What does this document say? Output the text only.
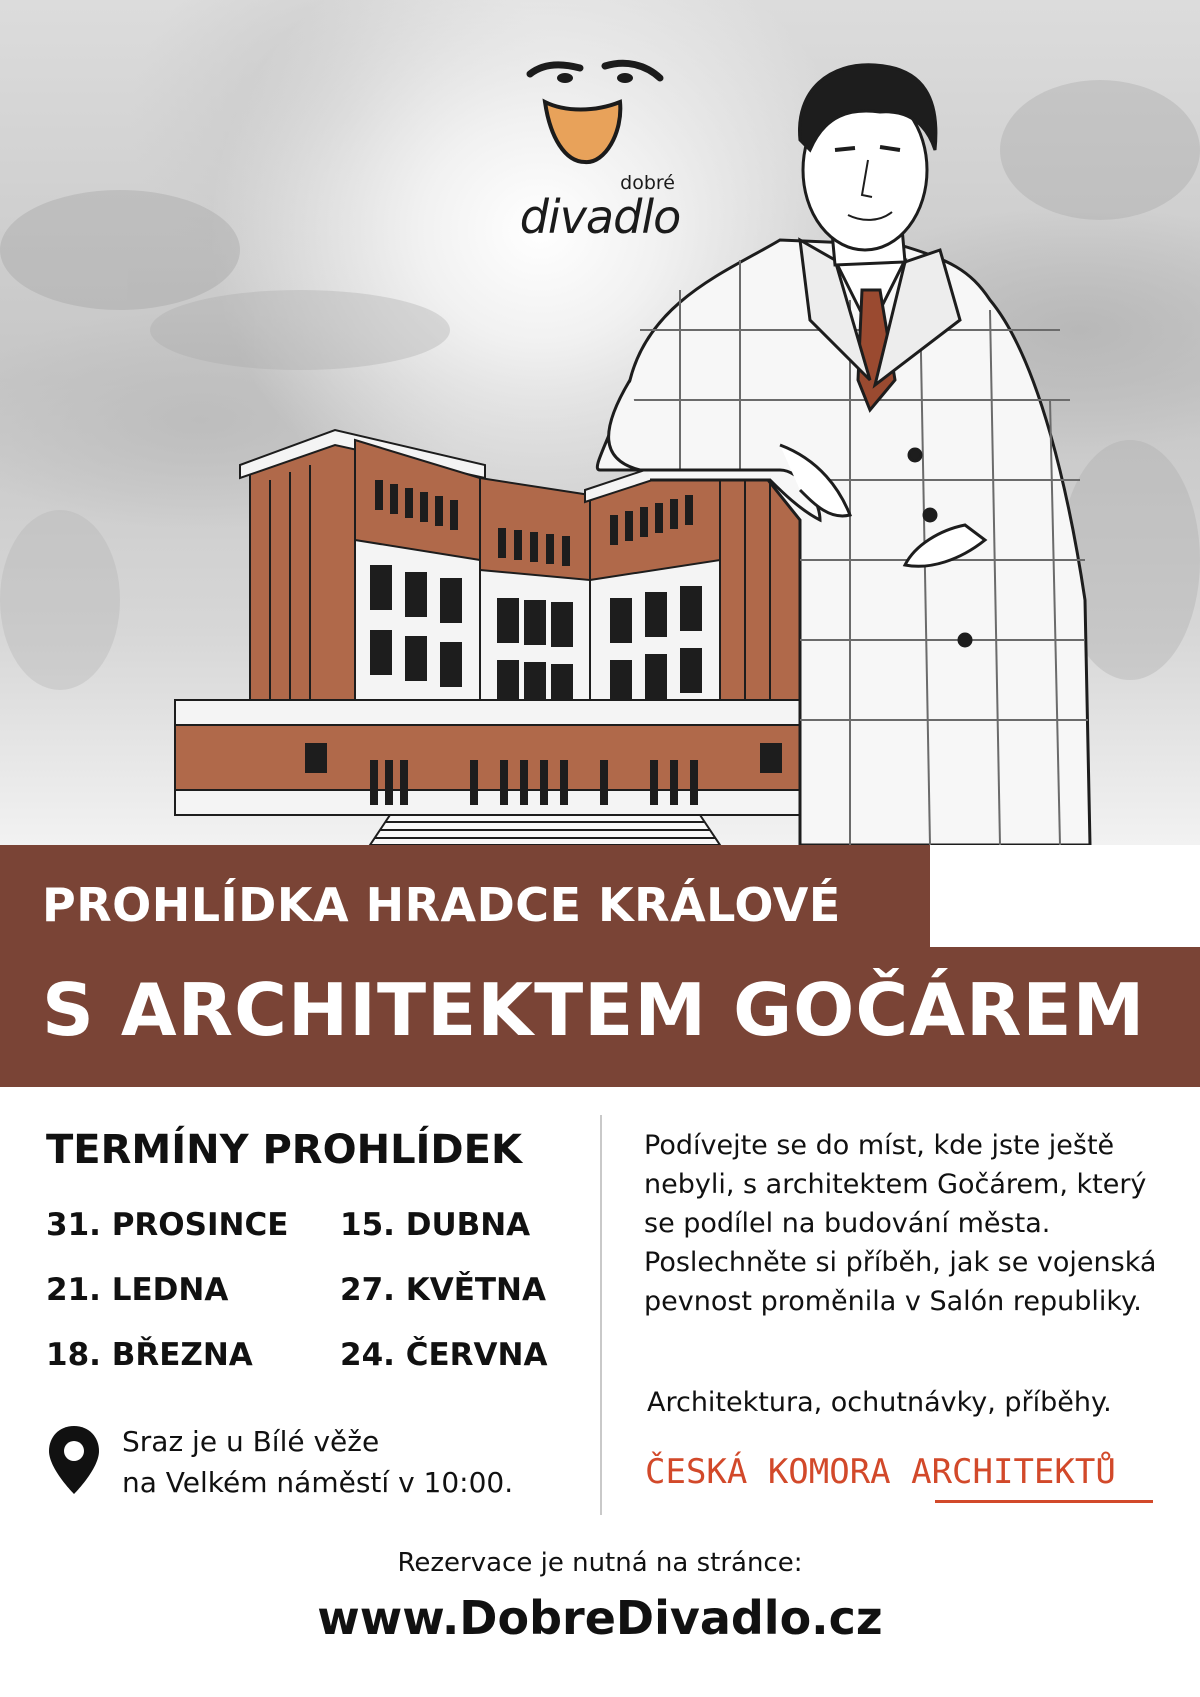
dobré
divadlo
PROHLÍDKA HRADCE KRÁLOVÉ
S ARCHITEKTEM GOČÁREM
TERMÍNY PROHLÍDEK
31. PROSINCE 15. DUBNA
21. LEDNA	27. KVĚTNA
18. BŘEZNA	24. ČERVNA
Sraz je u Bílé věže
na Velkém náměstí v 10:00.
Podívejte se do míst, kde jste ještě nebyli, s architektem Gočárem, který se podílel na budování města. Poslechněte si příběh, jak se vojenská pevnost proměnila v Salón republiky.
Architektura, ochutnávky, příběhy.
ČESKÁ KOMORA ARCHITEKTŮ
Rezervace je nutná na stránce:
www.DobreDivadlo.cz
